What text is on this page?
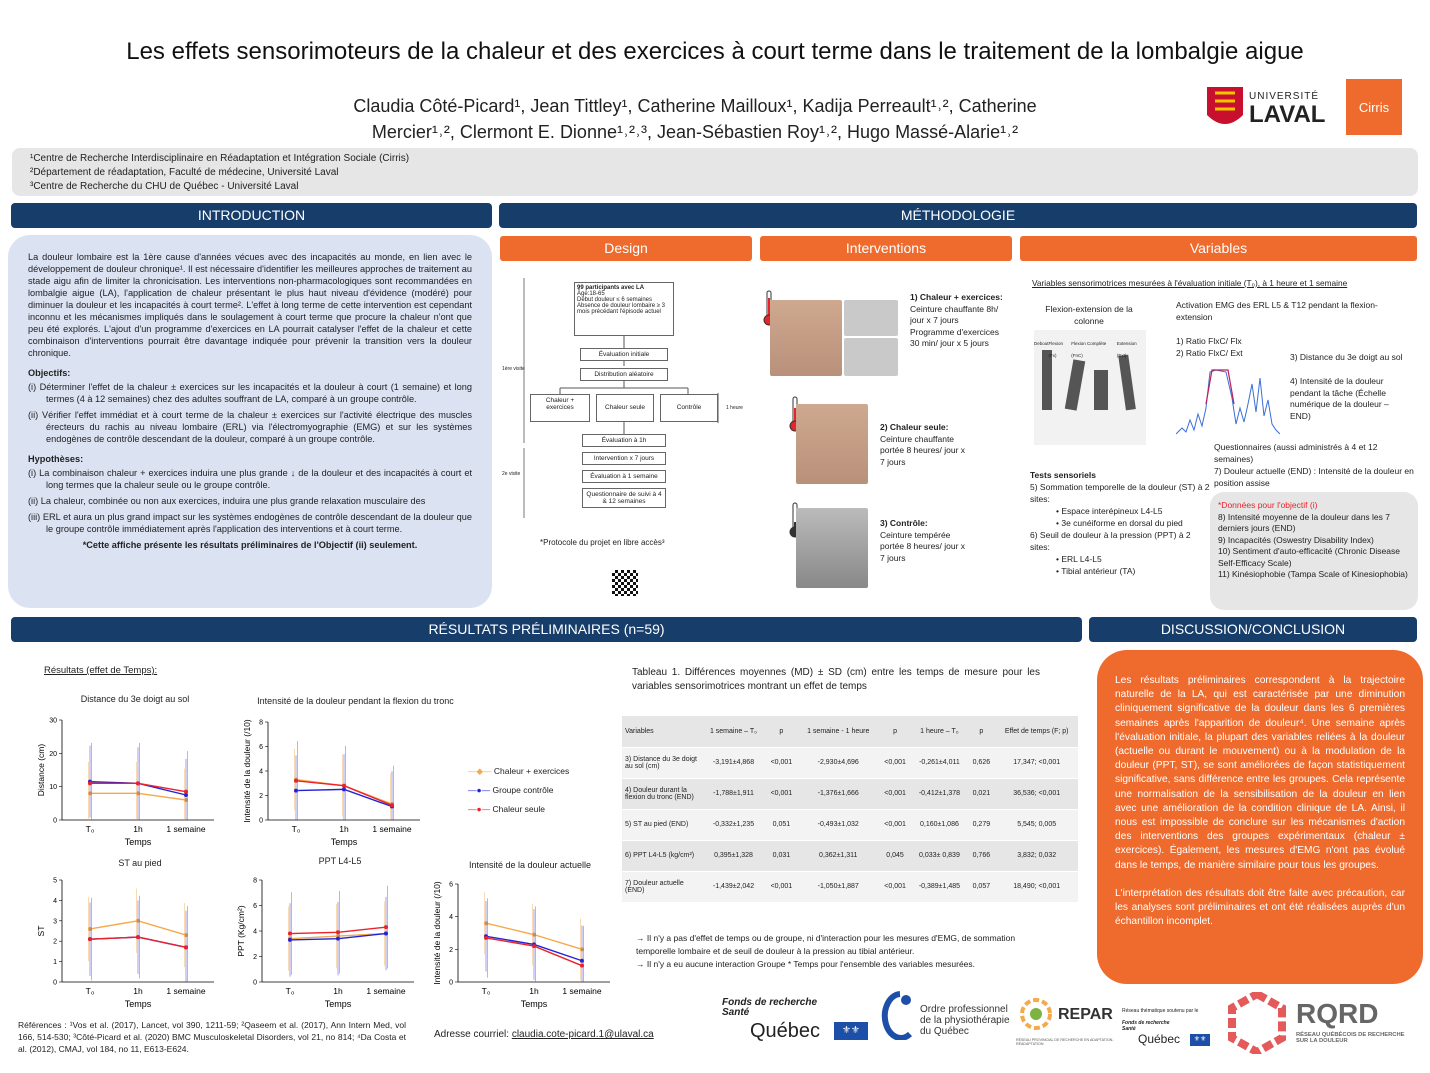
Les effets sensorimoteurs de la chaleur et des exercices à court terme dans le traitement de la lombalgie aigue
Claudia Côté-Picard¹, Jean Tittley¹, Catherine Mailloux¹, Kadija Perreault¹˒², Catherine
Mercier¹˒², Clermont E. Dionne¹˒²˒³, Jean-Sébastien Roy¹˒², Hugo Massé-Alarie¹˒²
UNIVERSITÉ
LAVAL	Cirris
¹Centre de Recherche Interdisciplinaire en Réadaptation et Intégration Sociale (Cirris)
²Département de réadaptation, Faculté de médecine, Université Laval
³Centre de Recherche du CHU de Québec - Université Laval
INTRODUCTION	MÉTHODOLOGIE
Design	Interventions	Variables
RÉSULTATS PRÉLIMINAIRES (n=59)	DISCUSSION/CONCLUSION

La douleur lombaire est la 1ère cause d'années vécues avec des incapacités au monde, en lien avec le développement de douleur chronique¹. Il est nécessaire d'identifier les meilleures approches de traitement au stade aigu afin de limiter la chronicisation. Les interventions non-pharmacologiques sont recommandées en lombalgie aigue (LA), l'application de chaleur présentant le plus haut niveau d'évidence (modéré) pour diminuer la douleur et les incapacités à court terme². L'effet à long terme de cette intervention est cependant inconnu et les mécanismes impliqués dans le soulagement à court terme que procure la chaleur n'ont que peu été explorés. L'ajout d'un programme d'exercices en LA pourrait catalyser l'effet de la chaleur et cette combinaison d'interventions pourrait être davantage indiquée pour prévenir la transition vers la douleur chronique.

Objectifs:
(i) Déterminer l'effet de la chaleur ± exercices sur les incapacités et la douleur à court (1 semaine) et long termes (4 à 12 semaines) chez des adultes souffrant de LA, comparé à un groupe contrôle.
(ii) Vérifier l'effet immédiat et à court terme de la chaleur ± exercices sur l'activité électrique des muscles érecteurs du rachis au niveau lombaire (ERL) via l'électromyographie (EMG) et sur les systèmes endogènes de contrôle descendant de la douleur, comparé à un groupe contrôle.
Hypothèses:
(i) La combinaison chaleur + exercices induira une plus grande ↓ de la douleur et des incapacités à court et long termes que la chaleur seule ou le groupe contrôle.
(ii) La chaleur, combinée ou non aux exercices, induira une plus grande relaxation musculaire des
(iii) ERL et aura un plus grand impact sur les systèmes endogènes de contrôle descendant de la douleur que le groupe contrôle immédiatement après l'application des interventions et à court terme.
*Cette affiche présente les résultats préliminaires de l'Objectif (ii) seulement.
99 participants avec LA
Âge:18-65
Début douleur ≤ 6 semaines
Absence de douleur lombaire ≥ 3 mois précédant l'épisode actuel
1ère visite
2e visite
Évaluation initiale
Distribution aléatoire
Chaleur + exercices	Chaleur seule	Contrôle	1 heure
Évaluation à 1h
Intervention x 7 jours
Évaluation à 1 semaine
Questionnaire de suivi à 4 & 12 semaines
*Protocole du projet en libre accès³
1) Chaleur + exercices:
Ceinture chauffante 8h/ jour x 7 jours
Programme d'exercices 30 min/ jour x 5 jours
2) Chaleur seule:
Ceinture chauffante portée 8 heures/ jour x 7 jours
3) Contrôle:
Ceinture tempérée portée 8 heures/ jour x 7 jours
Variables sensorimotrices mesurées à l'évaluation initiale (T₀), à 1 heure et 1 semaine
Flexion-extension de la colonne
Debout Flexion (Fx)
Flexion Complète (FnC)
Extension (Ext)
Activation EMG des ERL L5 & T12 pendant la flexion-extension
1) Ratio FlxC/ Flx
2) Ratio FlxC/ Ext	3) Distance du 3e doigt au sol
4) Intensité de la douleur pendant la tâche (Échelle numérique de la douleur – END)
Questionnaires (aussi administrés à 4 et 12 semaines)
7) Douleur actuelle (END) : Intensité de la douleur en position assise
Tests sensoriels
5) Sommation temporelle de la douleur (ST) à 2 sites:
• Espace interépineux L4-L5
• 3e cunéiforme en dorsal du pied
6) Seuil de douleur à la pression (PPT) à 2 sites:
• ERL L4-L5
• Tibial antérieur (TA)
*Données pour l'objectif (i)
8) Intensité moyenne de la douleur dans les 7 derniers jours (END)
9) Incapacités (Oswestry Disability Index)
10) Sentiment d'auto-efficacité (Chronic Disease Self-Efficacy Scale)
11) Kinésiophobie (Tampa Scale of Kinesiophobia)
Résultats (effet de Temps):
Distance du 3e doigt au sol	Intensité de la douleur pendant la flexion du tronc
ST au pied	PPT L4-L5	Intensité de la douleur actuelle
0
10
20
30
T₀	1h	1 semaine
Temps
Distance (cm)
0
2
4
6
8
T₀	1h	1 semaine
Temps
Intensité de la douleur (/10)
0
1
2
3
4
5
T₀	1h	1 semaine
Temps
ST
0
2
4
6
8
T₀	1h	1 semaine
Temps
PPT (Kg/cm²)
0
2
4
6
T₀	1h	1 semaine
Temps
Intensité de la douleur (/10)
—◆— Chaleur + exercices
—●— Groupe contrôle
—●— Chaleur seule
Tableau 1. Différences moyennes (MD) ± SD (cm) entre les temps de mesure pour les variables sensorimotrices montrant un effet de temps
Variables	1 semaine – T₀	p	1 semaine - 1 heure	p	1 heure – T₀	p	Effet de temps (F; p)
3) Distance du 3e doigt au sol (cm)	-3,191±4,868	<0,001	-2,930±4,696	<0,001	-0,261±4,011	0,626	17,347; <0,001
4) Douleur durant la flexion du tronc (END)	-1,788±1,911	<0,001	-1,376±1,666	<0,001	-0,412±1,378	0,021	36,536; <0,001
5) ST au pied (END)	-0,332±1,235	0,051	-0,493±1,032	<0,001	0,160±1,086	0,279	5,545; 0,005
6) PPT L4-L5 (kg/cm²)	0,395±1,328	0,031	0,362±1,311	0,045	0,033± 0,839	0,766	3,832; 0,032
7) Douleur actuelle (END)	-1,439±2,042	<0,001	-1,050±1,887	<0,001	-0,389±1,485	0,057	18,490; <0,001
→ Il n'y a pas d'effet de temps ou de groupe, ni d'interaction pour les mesures d'EMG, de sommation temporelle lombaire et de seuil de douleur à la pression au tibial antérieur.
→ Il n'y a eu aucune interaction Groupe * Temps pour l'ensemble des variables mesurées.

Les résultats préliminaires correspondent à la trajectoire naturelle de la LA, qui est caractérisée par une diminution cliniquement significative de la douleur dans les 6 premières semaines après l'apparition de douleur⁴. Une semaine après l'évaluation initiale, la plupart des variables reliées à la douleur (actuelle ou durant le mouvement) ou à la modulation de la douleur (PPT, ST), se sont améliorées de façon statistiquement significative, sans différence entre les groupes. Cela représente une normalisation de la sensibilisation de la douleur en lien avec une amélioration de la condition clinique de LA. Ainsi, il nous est impossible de conclure sur les mécanismes d'action des interventions des groupes expérimentaux (chaleur ± exercices). Également, les mesures d'EMG n'ont pas évolué dans le temps, de manière similaire pour tous les groupes.

L'interprétation des résultats doit être faite avec précaution, car les analyses sont préliminaires et ont été réalisées auprès d'un échantillon incomplet.

Références : ¹Vos et al. (2017), Lancet, vol 390, 1211-59; ²Qaseem et al. (2017), Ann Intern Med, vol 166, 514-530; ³Côté-Picard et al. (2020) BMC Musculoskeletal Disorders, vol 21, no 814; ⁴Da Costa et al. (2012), CMAJ, vol 184, no 11, E613-E624.
Adresse courriel: claudia.cote-picard.1@ulaval.ca
Fonds de recherche
Santé
Québec	⚜⚜
Ordre professionnel
de la physiothérapie
du Québec
REPAR
RÉSEAU PROVINCIAL DE RECHERCHE EN ADAPTATION-RÉADAPTATION
Réseau thématique soutenu par le
Fonds de recherche
Santé
Québec	⚜⚜
RQRD
RÉSEAU QUÉBÉCOIS DE RECHERCHE SUR LA DOULEUR
